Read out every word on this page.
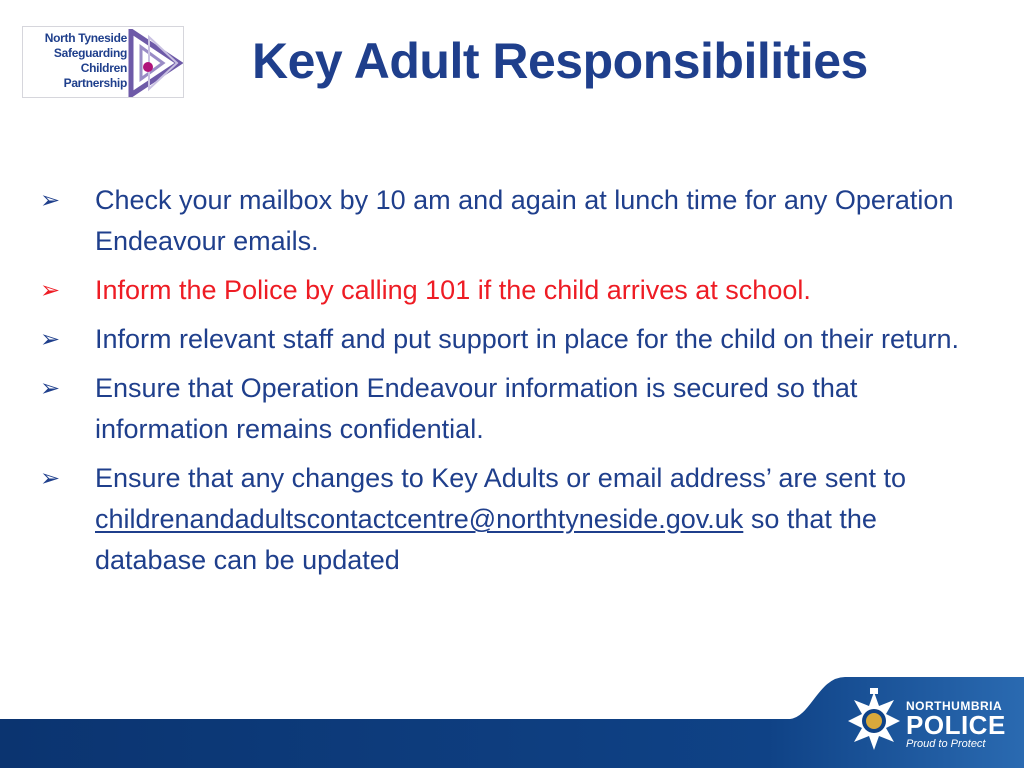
North Tyneside
Safeguarding
Children
Partnership	Key Adult Responsibilities
➢	Check your mailbox by 10 am and again at lunch time for any Operation Endeavour emails.
➢	Inform the Police by calling 101 if the child arrives at school.
➢	Inform relevant staff and put support in place for the child on their return.
➢	Ensure that Operation Endeavour information is secured so that information remains confidential.
➢	Ensure that any changes to Key Adults or email address’ are sent to childrenandadultscontactcentre@northtyneside.gov.uk so that the database can be updated
NORTHUMBRIA
POLICE
Proud to Protect
